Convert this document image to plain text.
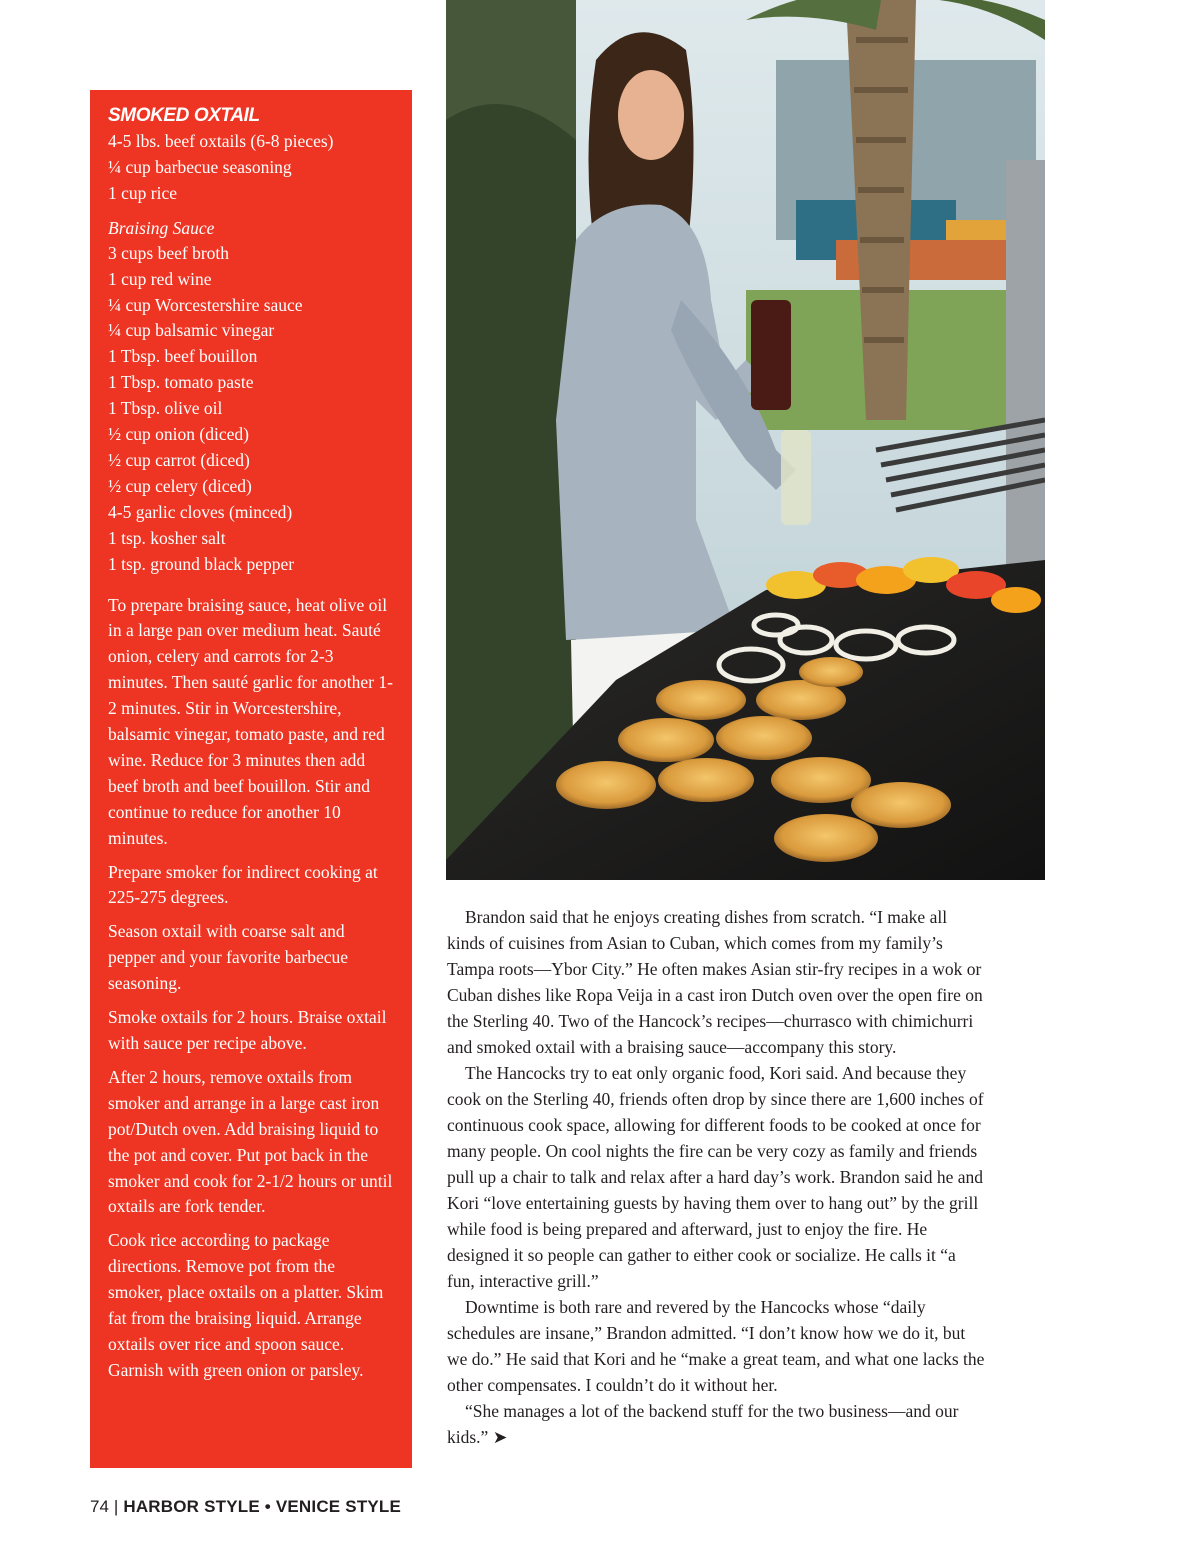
SMOKED OXTAIL
4-5 lbs. beef oxtails (6-8 pieces)
¼ cup barbecue seasoning
1 cup rice
Braising Sauce
3 cups beef broth
1 cup red wine
¼ cup Worcestershire sauce
¼ cup balsamic vinegar
1 Tbsp. beef bouillon
1 Tbsp. tomato paste
1 Tbsp. olive oil
½ cup onion (diced)
½ cup carrot (diced)
½ cup celery (diced)
4-5 garlic cloves (minced)
1 tsp. kosher salt
1 tsp. ground black pepper

To prepare braising sauce, heat olive oil in a large pan over medium heat. Sauté onion, celery and carrots for 2-3 minutes. Then sauté garlic for another 1-2 minutes. Stir in Worcestershire, balsamic vinegar, tomato paste, and red wine. Reduce for 3 minutes then add beef broth and beef bouillon. Stir and continue to reduce for another 10 minutes.

Prepare smoker for indirect cooking at 225-275 degrees.

Season oxtail with coarse salt and pepper and your favorite barbecue seasoning.

Smoke oxtails for 2 hours. Braise oxtail with sauce per recipe above.

After 2 hours, remove oxtails from smoker and arrange in a large cast iron pot/Dutch oven. Add braising liquid to the pot and cover. Put pot back in the smoker and cook for 2-1/2 hours or until oxtails are fork tender.

Cook rice according to package directions. Remove pot from the smoker, place oxtails on a platter. Skim fat from the braising liquid. Arrange oxtails over rice and spoon sauce. Garnish with green onion or parsley.

Brandon said that he enjoys creating dishes from scratch. “I make all kinds of cuisines from Asian to Cuban, which comes from my family’s Tampa roots—Ybor City.” He often makes Asian stir-fry recipes in a wok or Cuban dishes like Ropa Veija in a cast iron Dutch oven over the open fire on the Sterling 40. Two of the Hancock’s recipes—churrasco with chimichurri and smoked oxtail with a braising sauce—accompany this story.

The Hancocks try to eat only organic food, Kori said. And because they cook on the Sterling 40, friends often drop by since there are 1,600 inches of continuous cook space, allowing for different foods to be cooked at once for many people. On cool nights the fire can be very cozy as family and friends pull up a chair to talk and relax after a hard day’s work. Brandon said he and Kori “love entertaining guests by having them over to hang out” by the grill while food is being prepared and afterward, just to enjoy the fire. He designed it so people can gather to either cook or socialize. He calls it “a fun, interactive grill.”

Downtime is both rare and revered by the Hancocks whose “daily schedules are insane,” Brandon admitted. “I don’t know how we do it, but we do.” He said that Kori and he “make a great team, and what one lacks the other compensates. I couldn’t do it without her.

“She manages a lot of the backend stuff for the two business—and our kids.” ➤

74 | HARBOR STYLE • VENICE STYLE
